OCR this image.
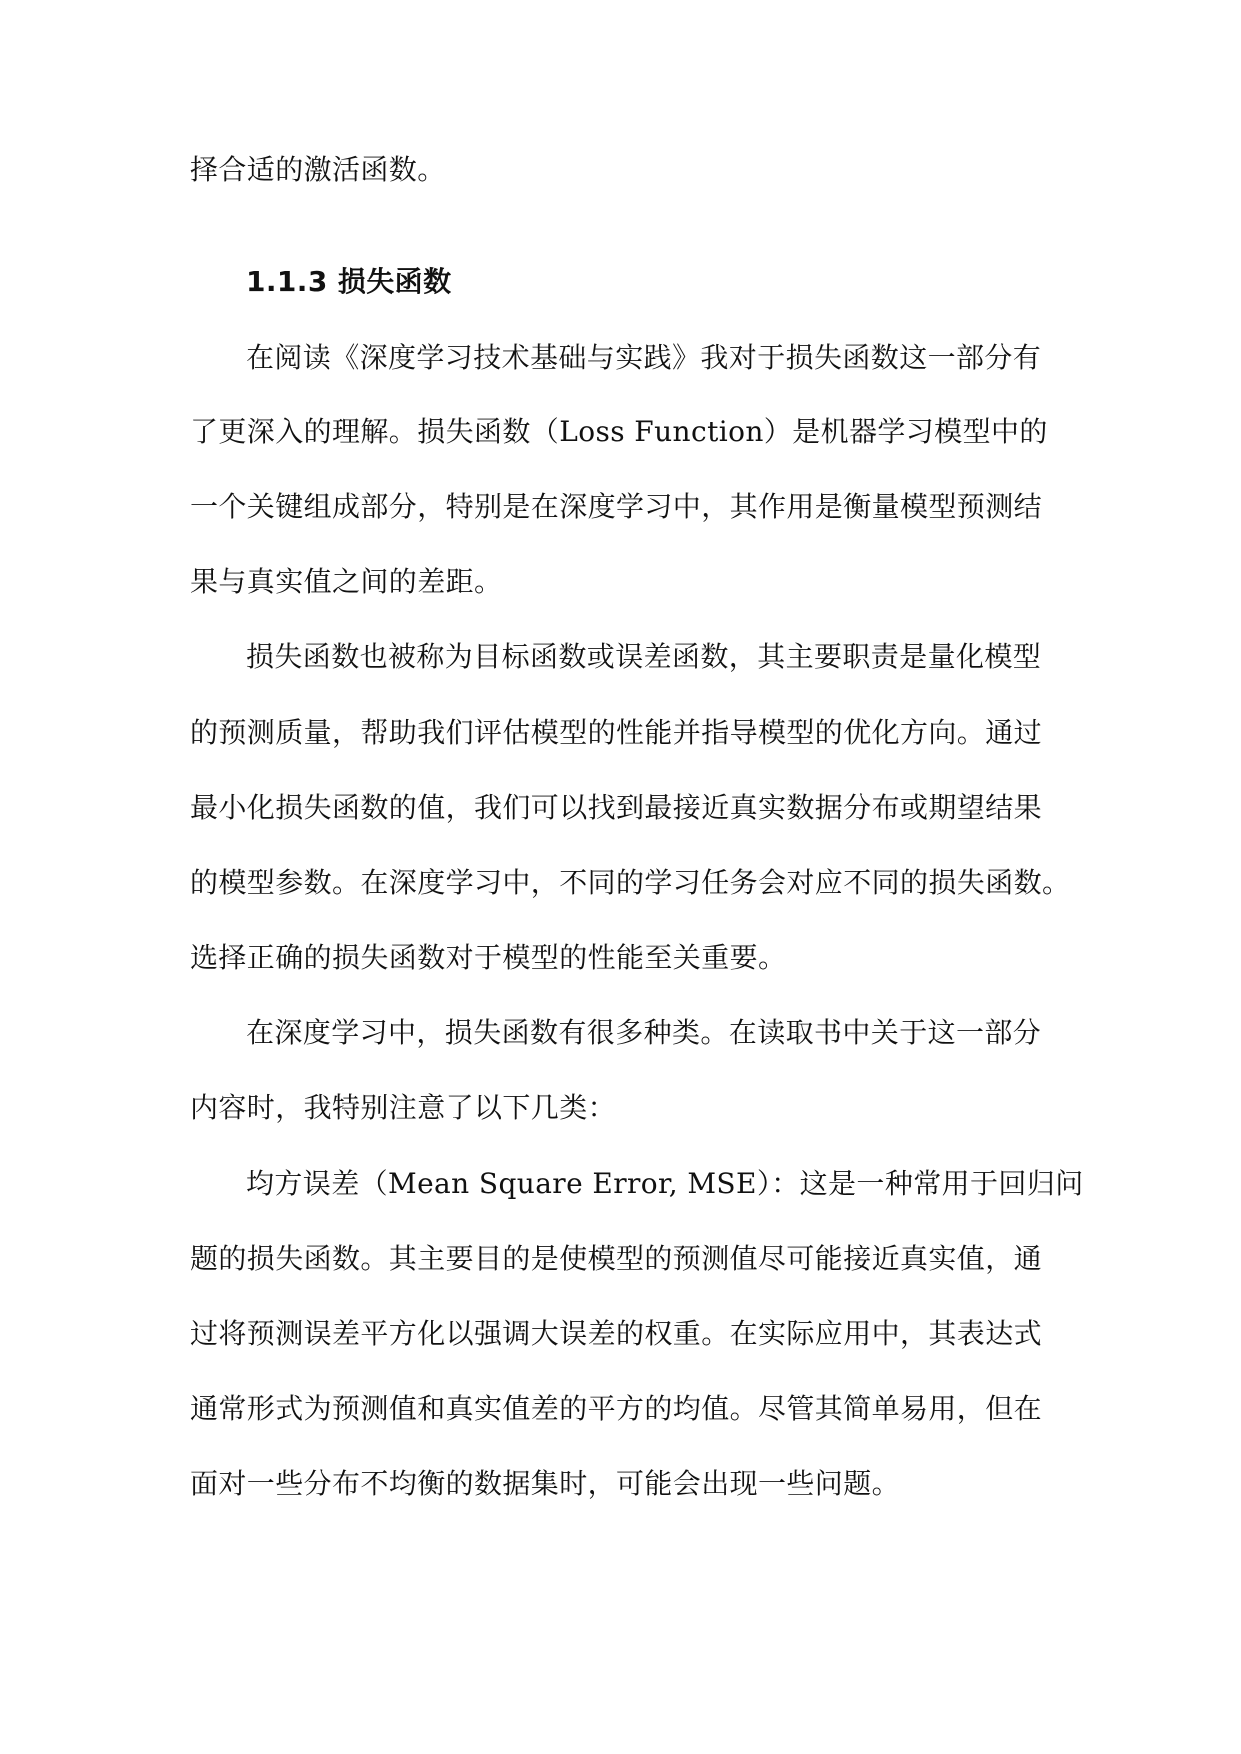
择合适的激活函数。

1.1.3 损失函数

在阅读《深度学习技术基础与实践》我对于损失函数这一部分有

了更深入的理解。损失函数（Loss Function）是机器学习模型中的

一个关键组成部分，特别是在深度学习中，其作用是衡量模型预测结

果与真实值之间的差距。

损失函数也被称为目标函数或误差函数，其主要职责是量化模型

的预测质量，帮助我们评估模型的性能并指导模型的优化方向。通过

最小化损失函数的值，我们可以找到最接近真实数据分布或期望结果

的模型参数。在深度学习中，不同的学习任务会对应不同的损失函数。

选择正确的损失函数对于模型的性能至关重要。

在深度学习中，损失函数有很多种类。在读取书中关于这一部分

内容时，我特别注意了以下几类：

均方误差（Mean Square Error, MSE）：这是一种常用于回归问

题的损失函数。其主要目的是使模型的预测值尽可能接近真实值，通

过将预测误差平方化以强调大误差的权重。在实际应用中，其表达式

通常形式为预测值和真实值差的平方的均值。尽管其简单易用，但在

面对一些分布不均衡的数据集时，可能会出现一些问题。
